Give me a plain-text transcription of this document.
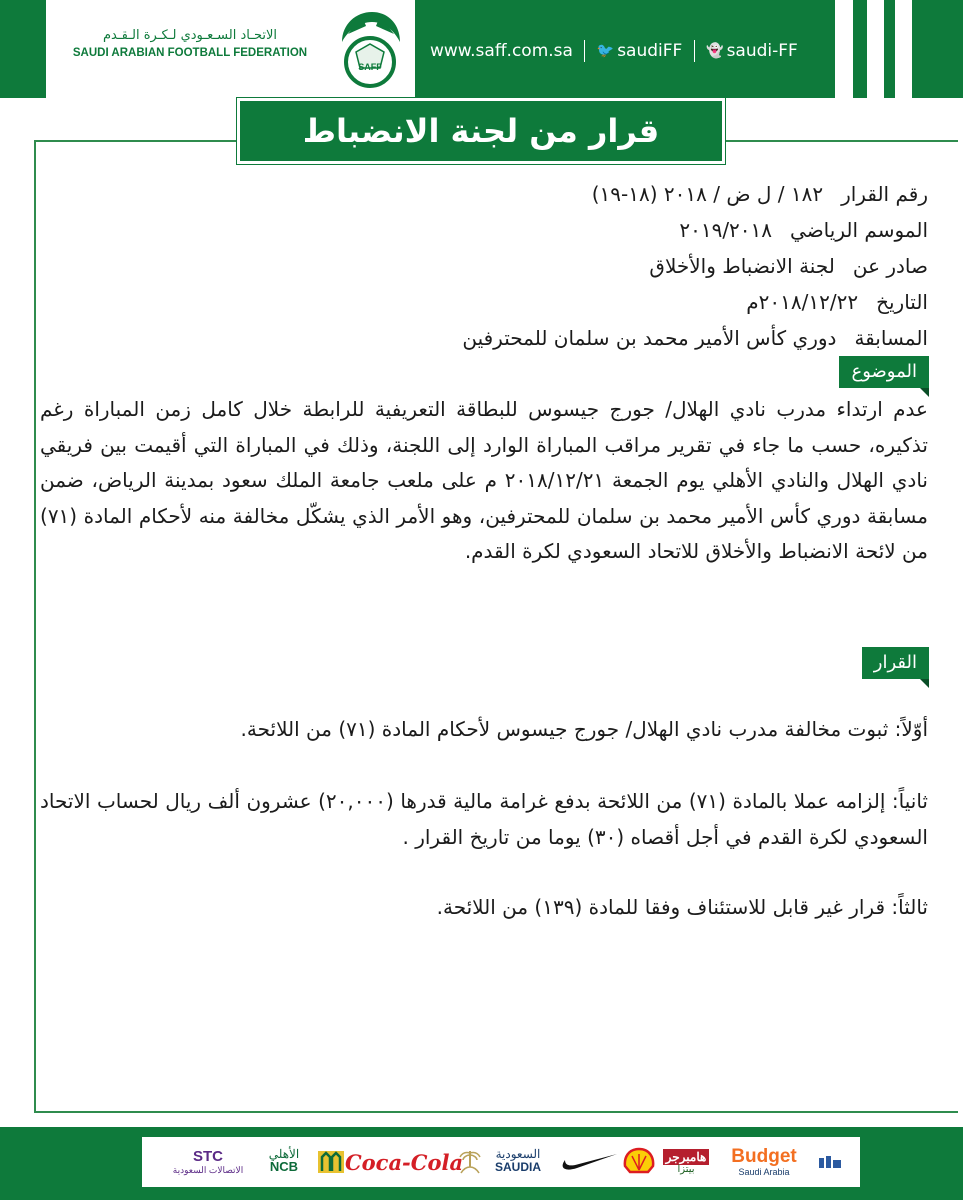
www.saff.com.sa 🐦 saudiFF 👻 saudi-FF
الاتحـاد السـعـودي لـكـرة الـقـدم
SAUDI ARABIAN FOOTBALL FEDERATION
SAFF
قرار من لجنة الانضباط والأخلاق	رقم القرار١٨٢ / ل ض / ٢٠١٨ (١٨-١٩)
الموسم الرياضي٢٠١٩/٢٠١٨
صادر عنلجنة الانضباط والأخلاق
التاريخ٢٠١٨/١٢/٢٢م
المسابقةدوري كأس الأمير محمد بن سلمان للمحترفين
الموضوع
عدم ارتداء مدرب نادي الهلال/ جورج جيسوس للبطاقة التعريفية للرابطة خلال كامل زمن المباراة رغم تذكيره، حسب ما جاء في تقرير مراقب المباراة الوارد إلى اللجنة، وذلك في المباراة التي أقيمت بين فريقي نادي الهلال والنادي الأهلي يوم الجمعة ٢٠١٨/١٢/٢١ م على ملعب جامعة الملك سعود بمدينة الرياض، ضمن مسابقة دوري كأس الأمير محمد بن سلمان للمحترفين، وهو الأمر الذي يشكّل مخالفة منه لأحكام المادة (٧١) من لائحة الانضباط والأخلاق للاتحاد السعودي لكرة القدم.
القرار
أوّلاً: ثبوت مخالفة مدرب نادي الهلال/ جورج جيسوس لأحكام المادة (٧١) من اللائحة.
ثانياً: إلزامه عملا بالمادة (٧١) من اللائحة بدفع غرامة مالية قدرها (٢٠,٠٠٠) عشرون ألف ريال لحساب الاتحاد السعودي لكرة القدم في أجل أقصاه (٣٠) يوما من تاريخ القرار .
ثالثاً: قرار غير قابل للاستئناف وفقا للمادة (١٣٩) من اللائحة.
STC
الاتصالات السعودية
الأهلي
NCB Coca-Cola	السعودية
SAUDIA
هامبرجر
بيتزا
Budget
Saudi Arabia
